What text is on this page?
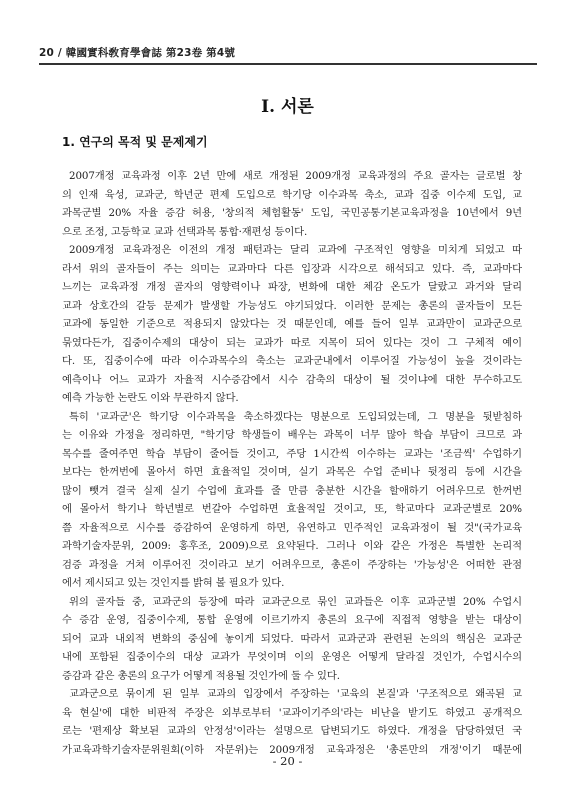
20 / 韓國實科敎育學會誌 第23卷 第4號
I. 서론
1. 연구의 목적 및 문제제기

2007개정 교육과정 이후 2년 만에 새로 개정된 2009개정 교육과정의 주요 골자는 글로벌 창

의 인재 육성, 교과군, 학년군 편제 도입으로 학기당 이수과목 축소, 교과 집중 이수제 도입, 교

과목군별 20% 자율 증감 허용, '창의적 체험활동' 도입, 국민공통기본교육과정을 10년에서 9년

으로 조정, 고등학교 교과 선택과목 통합·재편성 등이다.

2009개정 교육과정은 이전의 개정 패턴과는 달리 교과에 구조적인 영향을 미치게 되었고 따

라서 위의 골자들이 주는 의미는 교과마다 다른 입장과 시각으로 해석되고 있다. 즉, 교과마다

느끼는 교육과정 개정 골자의 영향력이나 파장, 변화에 대한 체감 온도가 달랐고 과거와 달리

교과 상호간의 갈등 문제가 발생할 가능성도 야기되었다. 이러한 문제는 총론의 골자들이 모든

교과에 동일한 기준으로 적용되지 않았다는 것 때문인데, 예를 들어 일부 교과만이 교과군으로

묶였다든가, 집중이수제의 대상이 되는 교과가 따로 지목이 되어 있다는 것이 그 구체적 예이

다. 또, 집중이수에 따라 이수과목수의 축소는 교과군내에서 이루어질 가능성이 높을 것이라는

예측이나 어느 교과가 자율적 시수증감에서 시수 감축의 대상이 될 것이냐에 대한 무수하고도

예측 가능한 논란도 이와 무관하지 않다.

특히 '교과군'은 학기당 이수과목을 축소하겠다는 명분으로 도입되었는데, 그 명분을 뒷받침하

는 이유와 가정을 정리하면, "학기당 학생들이 배우는 과목이 너무 많아 학습 부담이 크므로 과

목수를 줄여주면 학습 부담이 줄어들 것이고, 주당 1시간씩 이수하는 교과는 '조금씩' 수업하기

보다는 한꺼번에 몰아서 하면 효율적일 것이며, 실기 과목은 수업 준비나 뒷정리 등에 시간을

많이 뺏겨 결국 실제 실기 수업에 효과를 줄 만큼 충분한 시간을 할애하기 어려우므로 한꺼번

에 몰아서 학기나 학년별로 번갈아 수업하면 효율적일 것이고, 또, 학교마다 교과군별로 20%

쯤 자율적으로 시수를 증감하여 운영하게 하면, 유연하고 민주적인 교육과정이 될 것"(국가교육

과학기술자문위, 2009: 홍후조, 2009)으로 요약된다. 그러나 이와 같은 가정은 특별한 논리적

검증 과정을 거쳐 이루어진 것이라고 보기 어려우므로, 총론이 주장하는 '가능성'은 어떠한 관점

에서 제시되고 있는 것인지를 밝혀 볼 필요가 있다.

위의 골자들 중, 교과군의 등장에 따라 교과군으로 묶인 교과들은 이후 교과군별 20% 수업시

수 증감 운영, 집중이수제, 통합 운영에 이르기까지 총론의 요구에 직접적 영향을 받는 대상이

되어 교과 내외적 변화의 중심에 놓이게 되었다. 따라서 교과군과 관련된 논의의 핵심은 교과군

내에 포함된 집중이수의 대상 교과가 무엇이며 이의 운영은 어떻게 달라질 것인가, 수업시수의

증감과 같은 총론의 요구가 어떻게 적용될 것인가에 둘 수 있다.

교과군으로 묶이게 된 일부 교과의 입장에서 주장하는 '교육의 본질'과 '구조적으로 왜곡된 교

육 현실'에 대한 비판적 주장은 외부로부터 '교과이기주의'라는 비난을 받기도 하였고 공개적으

로는 '편제상 확보된 교과의 안정성'이라는 설명으로 답변되기도 하였다. 개정을 담당하였던 국

가교육과학기술자문위원회(이하 자문위)는 2009개정 교육과정은 '총론만의 개정'이기 때문에

- 20 -
